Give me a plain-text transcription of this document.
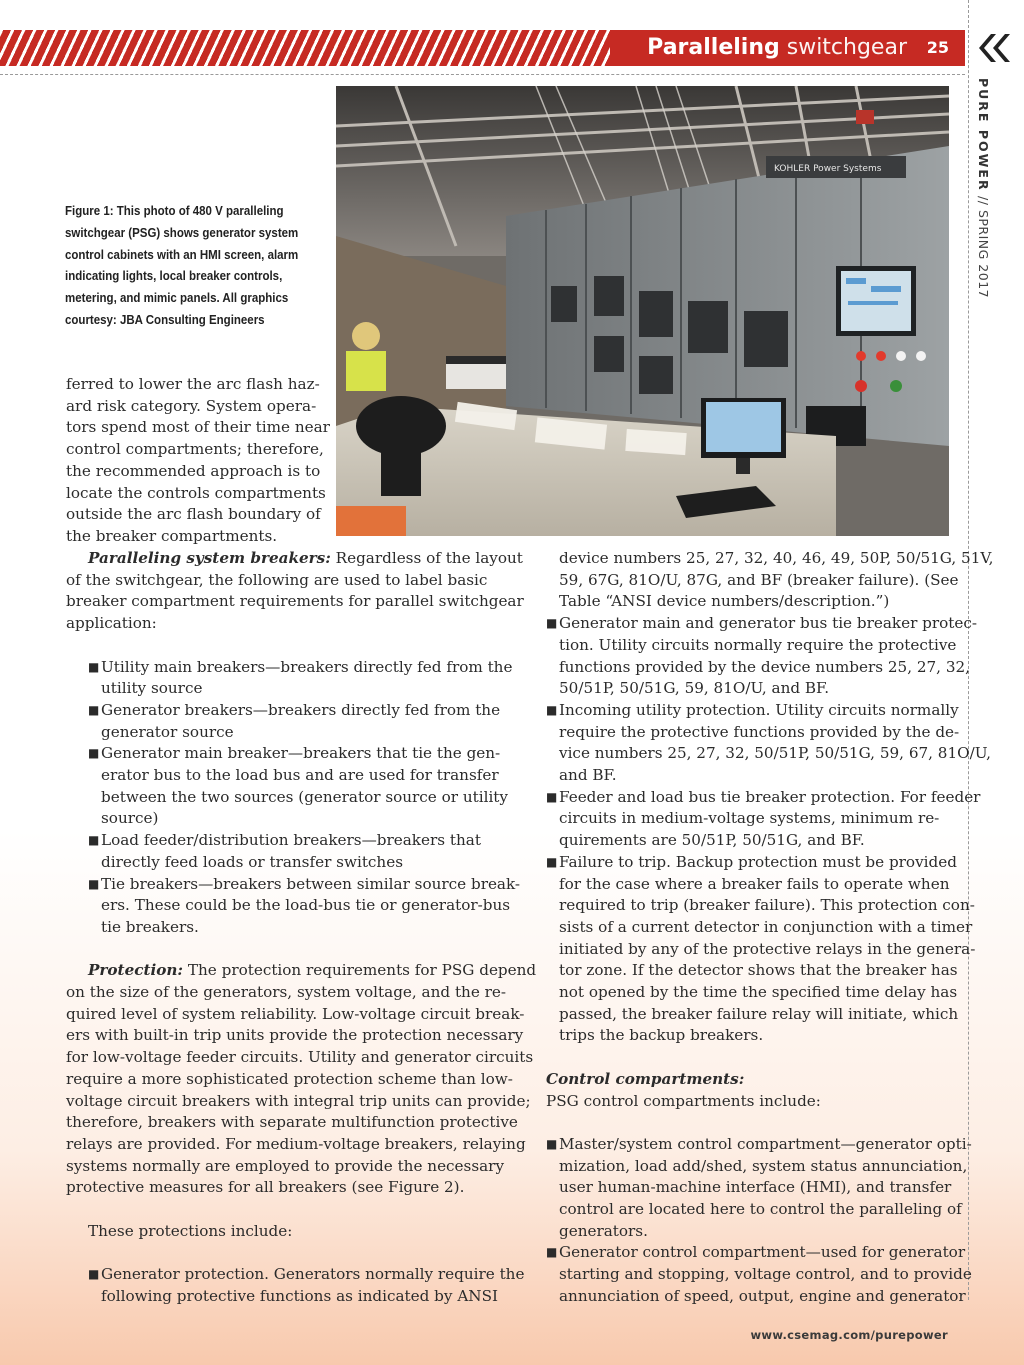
Paralleling switchgear 25
PURE POWER // SPRING 2017
Figure 1: This photo of 480 V paralleling
switchgear (PSG) shows generator system
control cabinets with an HMI screen, alarm
indicating lights, local breaker controls,
metering, and mimic panels. All graphics
courtesy: JBA Consulting Engineers
KOHLER Power Systems
ferred to lower the arc flash haz-
ard risk category. System opera-
tors spend most of their time near
control compartments; therefore,
the recommended approach is to
locate the controls compartments
outside the arc flash boundary of
the breaker compartments.
Paralleling system breakers: Regardless of the layout
of the switchgear, the following are used to label basic
breaker compartment requirements for parallel switchgear
application:
■ Utility main breakers—breakers directly fed from the
utility source
■ Generator breakers—breakers directly fed from the
generator source
■ Generator main breaker—breakers that tie the gen-
erator bus to the load bus and are used for transfer
between the two sources (generator source or utility
source)
■ Load feeder/distribution breakers—breakers that
directly feed loads or transfer switches
■ Tie breakers—breakers between similar source break-
ers. These could be the load-bus tie or generator-bus
tie breakers.
Protection: The protection requirements for PSG depend
on the size of the generators, system voltage, and the re-
quired level of system reliability. Low-voltage circuit break-
ers with built-in trip units provide the protection necessary
for low-voltage feeder circuits. Utility and generator circuits
require a more sophisticated protection scheme than low-
voltage circuit breakers with integral trip units can provide;
therefore, breakers with separate multifunction protective
relays are provided. For medium-voltage breakers, relaying
systems normally are employed to provide the necessary
protective measures for all breakers (see Figure 2).
These protections include:
■ Generator protection. Generators normally require the
following protective functions as indicated by ANSI
device numbers 25, 27, 32, 40, 46, 49, 50P, 50/51G, 51V,
59, 67G, 81O/U, 87G, and BF (breaker failure). (See
Table “ANSI device numbers/description.”)
■ Generator main and generator bus tie breaker protec-
tion. Utility circuits normally require the protective
functions provided by the device numbers 25, 27, 32,
50/51P, 50/51G, 59, 81O/U, and BF.
■ Incoming utility protection. Utility circuits normally
require the protective functions provided by the de-
vice numbers 25, 27, 32, 50/51P, 50/51G, 59, 67, 81O/U,
and BF.
■ Feeder and load bus tie breaker protection. For feeder
circuits in medium-voltage systems, minimum re-
quirements are 50/51P, 50/51G, and BF.
■ Failure to trip. Backup protection must be provided
for the case where a breaker fails to operate when
required to trip (breaker failure). This protection con-
sists of a current detector in conjunction with a timer
initiated by any of the protective relays in the genera-
tor zone. If the detector shows that the breaker has
not opened by the time the specified time delay has
passed, the breaker failure relay will initiate, which
trips the backup breakers.
Control compartments:
PSG control compartments include:
■ Master/system control compartment—generator opti-
mization, load add/shed, system status annunciation,
user human-machine interface (HMI), and transfer
control are located here to control the paralleling of
generators.
■ Generator control compartment—used for generator
starting and stopping, voltage control, and to provide
annunciation of speed, output, engine and generator
www.csemag.com/purepower
